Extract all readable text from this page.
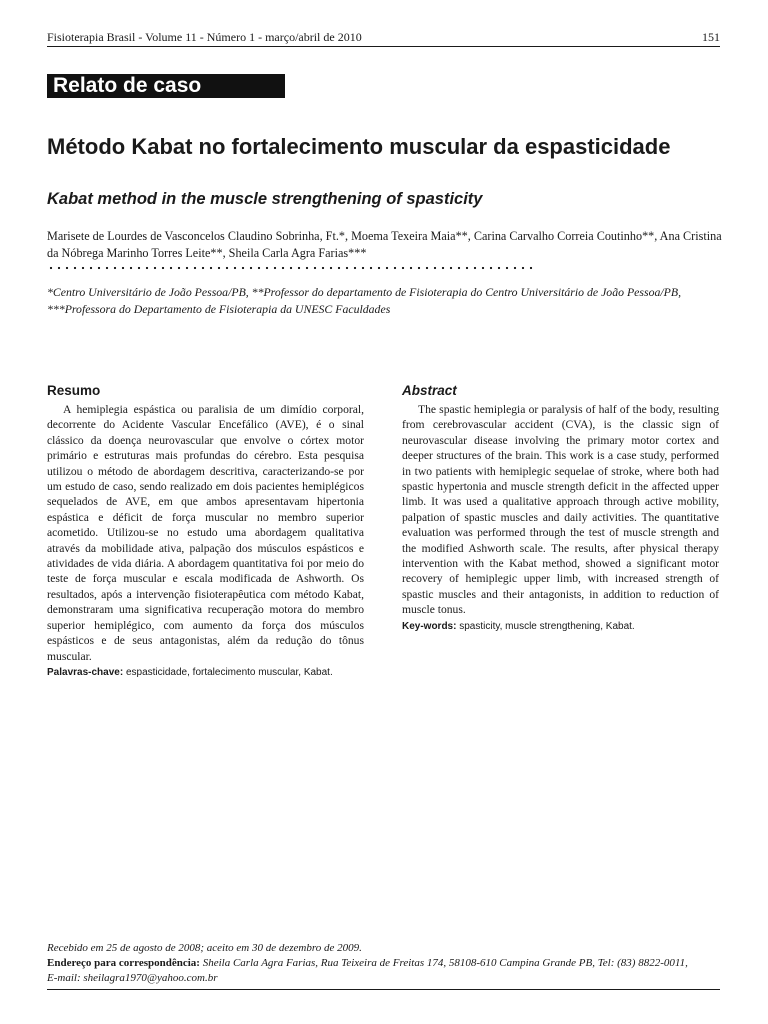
Fisioterapia Brasil - Volume 11 - Número 1 - março/abril de 2010	151
Relato de caso
Método Kabat no fortalecimento muscular da espasticidade
Kabat method in the muscle strengthening of spasticity
Marisete de Lourdes de Vasconcelos Claudino Sobrinha, Ft.*, Moema Texeira Maia**, Carina Carvalho Correia Coutinho**, Ana Cristina da Nóbrega Marinho Torres Leite**, Sheila Carla Agra Farias***
*Centro Universitário de João Pessoa/PB, **Professor do departamento de Fisioterapia do Centro Universitário de João Pessoa/PB,
***Professora do Departamento de Fisioterapia da UNESC Faculdades
Resumo

A hemiplegia espástica ou paralisia de um dimídio corporal, decorrente do Acidente Vascular Encefálico (AVE), é o sinal clássico da doença neurovascular que envolve o córtex motor primário e estruturas mais profundas do cérebro. Esta pesquisa utilizou o método de abordagem descritiva, caracterizando-se por um estudo de caso, sendo realizado em dois pacientes hemiplégicos sequelados de AVE, em que ambos apresentavam hipertonia espástica e déficit de força muscular no membro superior acometido. Utilizou-se no estudo uma abordagem qualitativa através da mobilidade ativa, palpação dos músculos espásticos e atividades de vida diária. A abordagem quantitativa foi por meio do teste de força muscular e escala modificada de Ashworth. Os resultados, após a intervenção fisioterapêutica com método Kabat, demonstraram uma significativa recuperação motora do membro superior hemiplégico, com aumento da força dos músculos espásticos e de seus antagonistas, além da redução do tônus muscular.

Palavras-chave: espasticidade, fortalecimento muscular, Kabat.
Abstract

The spastic hemiplegia or paralysis of half of the body, resulting from cerebrovascular accident (CVA), is the classic sign of neurovascular disease involving the primary motor cortex and deeper structures of the brain. This work is a case study, performed in two patients with hemiplegic sequelae of stroke, where both had spastic hypertonia and muscle strength deficit in the affected upper limb. It was used a qualitative approach through active mobility, palpation of spastic muscles and daily activities. The quantitative evaluation was performed through the test of muscle strength and the modified Ashworth scale. The results, after physical therapy intervention with the Kabat method, showed a significant motor recovery of hemiplegic upper limb, with increased strength of spastic muscles and their antagonists, in addition to reduction of muscle tonus.

Key-words: spasticity, muscle strengthening, Kabat.
Recebido em 25 de agosto de 2008; aceito em 30 de dezembro de 2009.
Endereço para correspondência: Sheila Carla Agra Farias, Rua Teixeira de Freitas 174, 58108-610 Campina Grande PB, Tel: (83) 8822-0011,
E-mail: sheilagra1970@yahoo.com.br
